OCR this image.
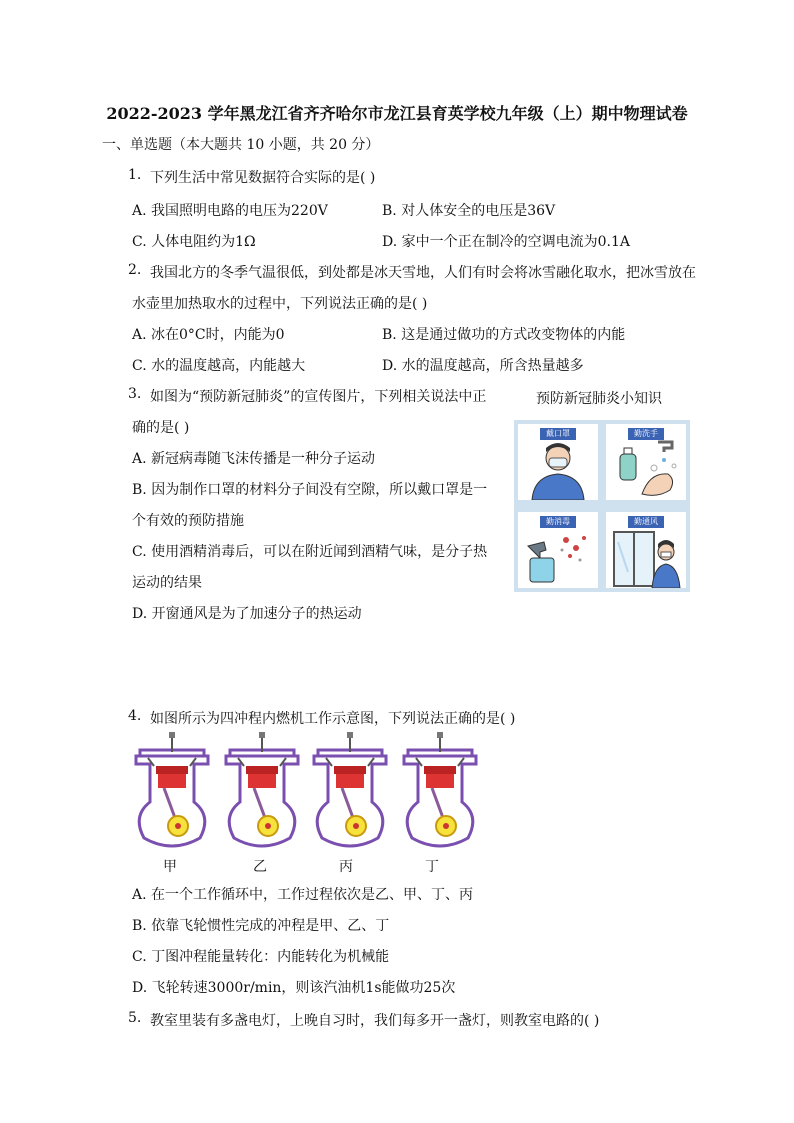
2022-2023 学年黑龙江省齐齐哈尔市龙江县育英学校九年级（上）期中物理试卷
一、单选题（本大题共 10 小题，共 20 分）
1. 下列生活中常见数据符合实际的是( )
A. 我国照明电路的电压为220V	B. 对人体安全的电压是36V
C. 人体电阻约为1Ω	D. 家中一个正在制冷的空调电流为0.1A
2. 我国北方的冬季气温很低，到处都是冰天雪地，人们有时会将冰雪融化取水，把冰雪放在
水壶里加热取水的过程中，下列说法正确的是( )
A. 冰在0°C时，内能为0	B. 这是通过做功的方式改变物体的内能
C. 水的温度越高，内能越大	D. 水的温度越高，所含热量越多
3. 如图为“预防新冠肺炎”的宣传图片，下列相关说法中正
确的是( )
A. 新冠病毒随飞沫传播是一种分子运动
B. 因为制作口罩的材料分子间没有空隙，所以戴口罩是一
个有效的预防措施
C. 使用酒精消毒后，可以在附近闻到酒精气味，是分子热
运动的结果
D. 开窗通风是为了加速分子的热运动
预防新冠肺炎小知识
戴口罩	勤洗手
勤消毒	勤通风
4. 如图所示为四冲程内燃机工作示意图，下列说法正确的是( )
甲	乙	丙	丁
A. 在一个工作循环中，工作过程依次是乙、甲、丁、丙
B. 依靠飞轮惯性完成的冲程是甲、乙、丁
C. 丁图冲程能量转化：内能转化为机械能
D. 飞轮转速3000r/min，则该汽油机1s能做功25次
5. 教室里装有多盏电灯，上晚自习时，我们每多开一盏灯，则教室电路的( )
